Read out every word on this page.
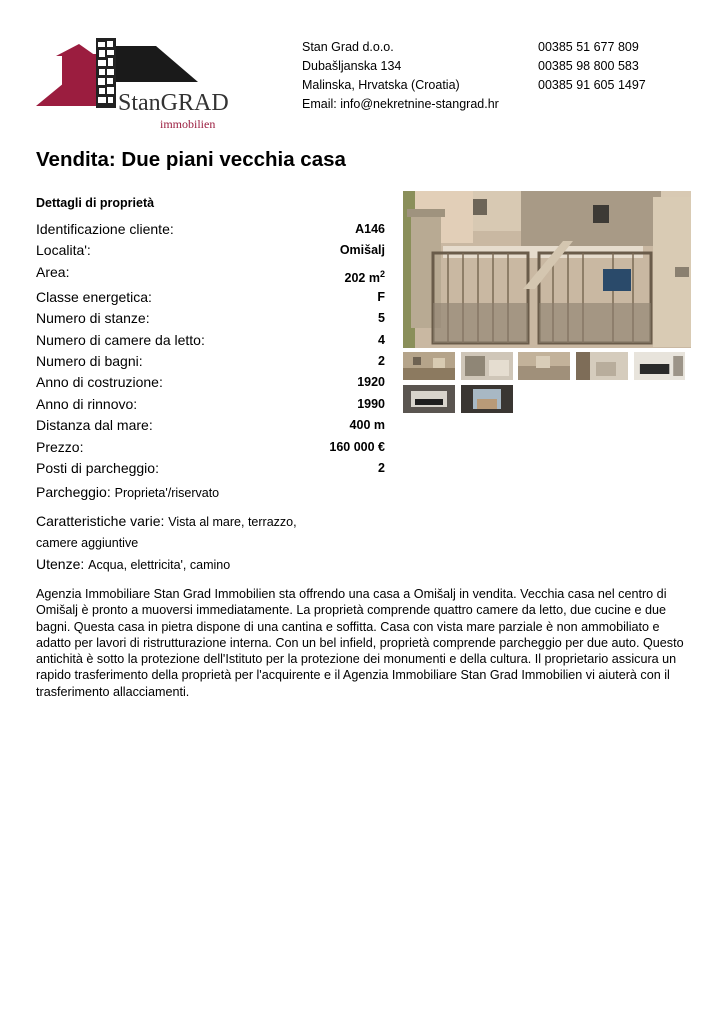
StanGRAD
immobilien
Stan Grad d.o.o.
Dubašljanska 134
Malinska, Hrvatska (Croatia)
Email: info@nekretnine-stangrad.hr
00385 51 677 809
00385 98 800 583
00385 91 605 1497
Vendita: Due piani vecchia casa
Dettagli di proprietà
Identificazione cliente:	A146
Localita':	Omišalj
Area:	202 $m^2$
Classe energetica:	F
Numero di stanze:	5
Numero di camere da letto:	4
Numero di bagni:	2
Anno di costruzione:	1920
Anno di rinnovo:	1990
Distanza dal mare:	400 m
Prezzo:	160 000 €
Posti di parcheggio:	2
Parcheggio: Proprieta'/riservato
Caratteristiche varie: Vista al mare, terrazzo,
camere aggiuntive
Utenze: Acqua, elettricita', camino

Agenzia Immobiliare Stan Grad Immobilien sta offrendo una casa a Omišalj in vendita. Vecchia casa nel centro di Omišalj è pronto a muoversi immediatamente. La proprietà comprende quattro camere da letto, due cucine e due bagni. Questa casa in pietra dispone di una cantina e soffitta. Casa con vista mare parziale è non ammobiliato e adatto per lavori di ristrutturazione interna. Con un bel infield, proprietà comprende parcheggio per due auto. Questo antichità è sotto la protezione dell'Istituto per la protezione dei monumenti e della cultura. Il proprietario assicura un rapido trasferimento della proprietà per l'acquirente e il Agenzia Immobiliare Stan Grad Immobilien vi aiuterà con il trasferimento allacciamenti.
